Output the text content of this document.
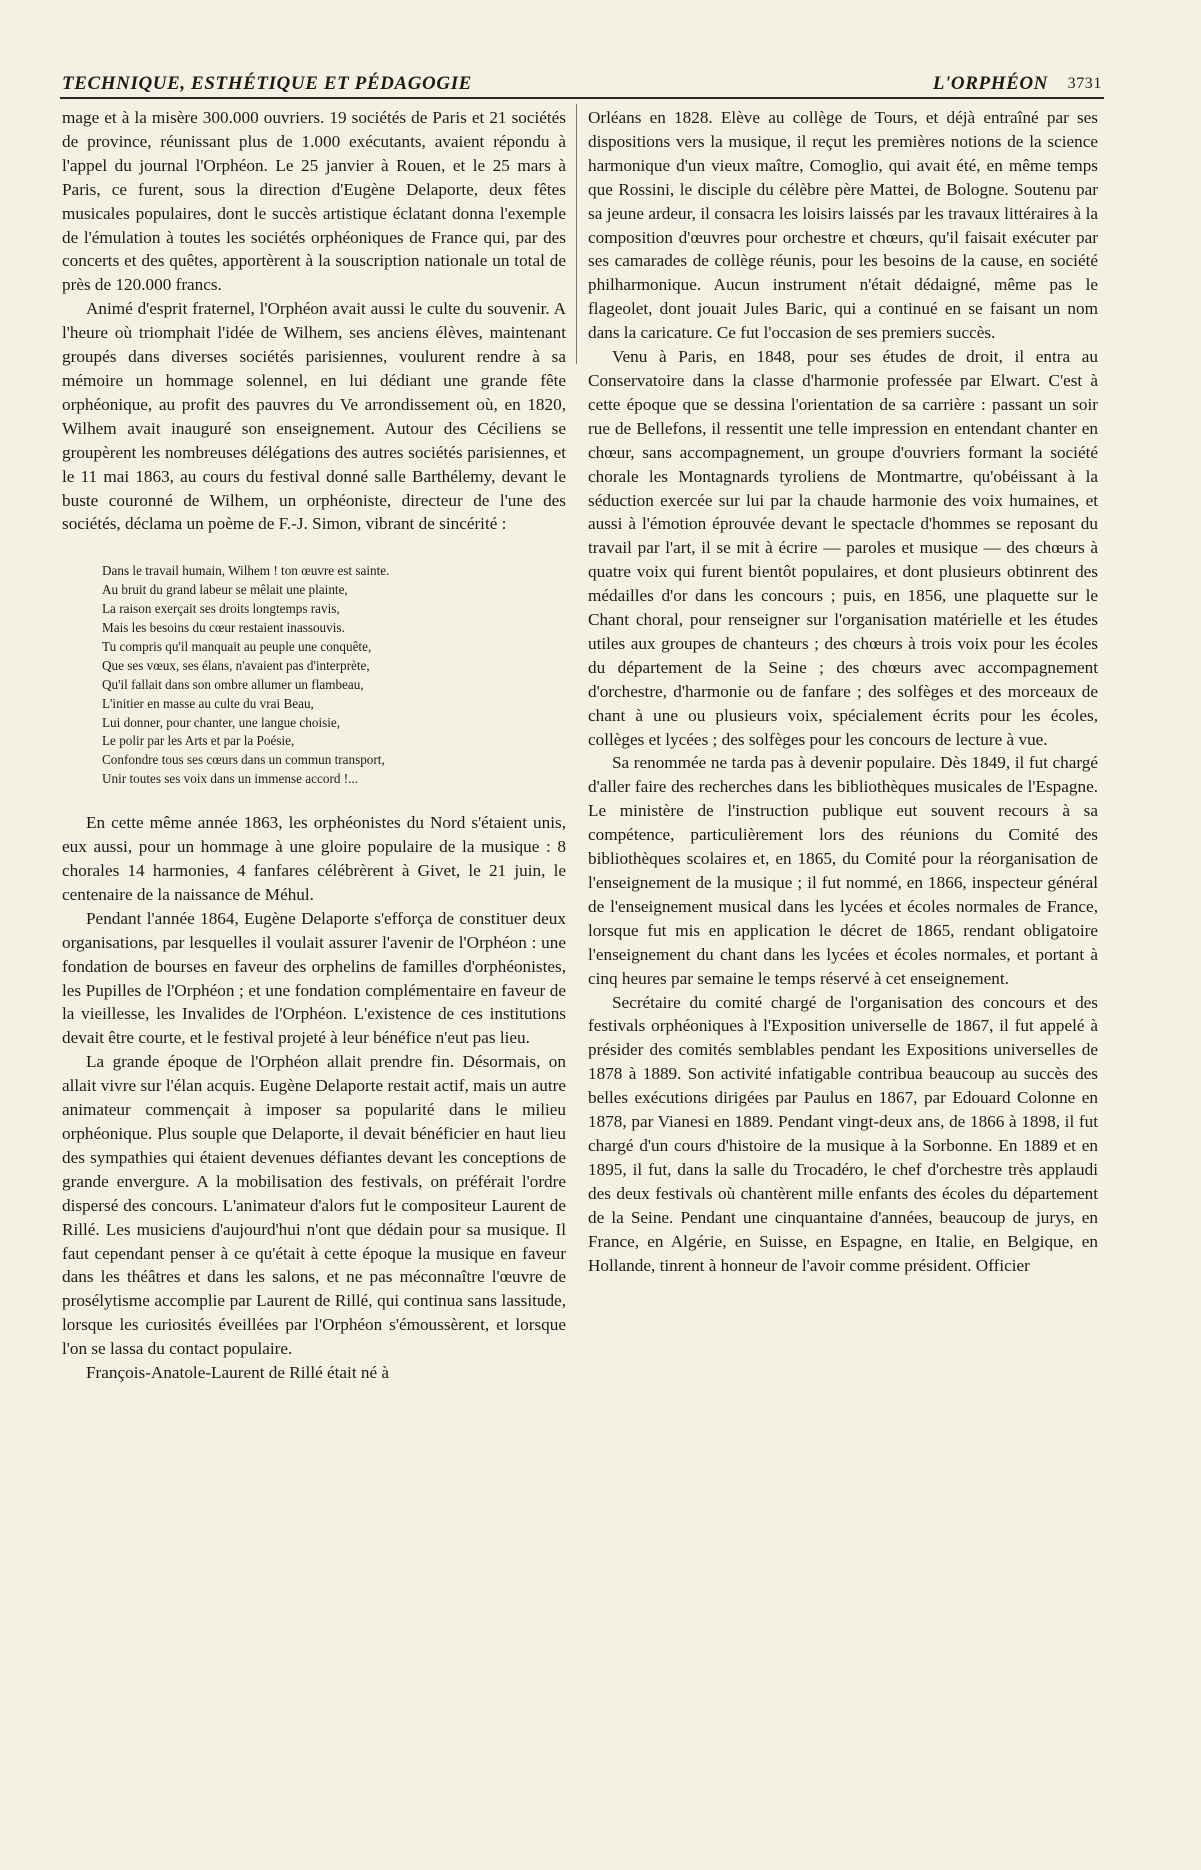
TECHNIQUE, ESTHÉTIQUE ET PÉDAGOGIE	L'ORPHÉON 3731

mage et à la misère 300.000 ouvriers. 19 sociétés de Paris et 21 sociétés de province, réunissant plus de 1.000 exécutants, avaient répondu à l'appel du journal l'Orphéon. Le 25 janvier à Rouen, et le 25 mars à Paris, ce furent, sous la direction d'Eugène Delaporte, deux fêtes musicales populaires, dont le succès artistique éclatant donna l'exemple de l'émulation à toutes les sociétés orphéoniques de France qui, par des concerts et des quêtes, apportèrent à la souscription nationale un total de près de 120.000 francs.

Animé d'esprit fraternel, l'Orphéon avait aussi le culte du souvenir. A l'heure où triomphait l'idée de Wilhem, ses anciens élèves, maintenant groupés dans diverses sociétés parisiennes, voulurent rendre à sa mémoire un hommage solennel, en lui dédiant une grande fête orphéonique, au profit des pauvres du Ve arrondissement où, en 1820, Wilhem avait inauguré son enseignement. Autour des Céciliens se groupèrent les nombreuses délégations des autres sociétés parisiennes, et le 11 mai 1863, au cours du festival donné salle Barthélemy, devant le buste couronné de Wilhem, un orphéoniste, directeur de l'une des sociétés, déclama un poème de F.-J. Simon, vibrant de sincérité :

Dans le travail humain, Wilhem ! ton œuvre est sainte.
Au bruit du grand labeur se mêlait une plainte,
La raison exerçait ses droits longtemps ravis,
Mais les besoins du cœur restaient inassouvis.
Tu compris qu'il manquait au peuple une conquête,
Que ses vœux, ses élans, n'avaient pas d'interprète,
Qu'il fallait dans son ombre allumer un flambeau,
L'initier en masse au culte du vrai Beau,
Lui donner, pour chanter, une langue choisie,
Le polir par les Arts et par la Poésie,
Confondre tous ses cœurs dans un commun transport,
Unir toutes ses voix dans un immense accord !...

En cette même année 1863, les orphéonistes du Nord s'étaient unis, eux aussi, pour un hommage à une gloire populaire de la musique : 8 chorales 14 harmonies, 4 fanfares célébrèrent à Givet, le 21 juin, le centenaire de la naissance de Méhul.

Pendant l'année 1864, Eugène Delaporte s'efforça de constituer deux organisations, par lesquelles il voulait assurer l'avenir de l'Orphéon : une fondation de bourses en faveur des orphelins de familles d'orphéonistes, les Pupilles de l'Orphéon ; et une fondation complémentaire en faveur de la vieillesse, les Invalides de l'Orphéon. L'existence de ces institutions devait être courte, et le festival projeté à leur bénéfice n'eut pas lieu.

La grande époque de l'Orphéon allait prendre fin. Désormais, on allait vivre sur l'élan acquis. Eugène Delaporte restait actif, mais un autre animateur commençait à imposer sa popularité dans le milieu orphéonique. Plus souple que Delaporte, il devait bénéficier en haut lieu des sympathies qui étaient devenues défiantes devant les conceptions de grande envergure. A la mobilisation des festivals, on préférait l'ordre dispersé des concours. L'animateur d'alors fut le compositeur Laurent de Rillé. Les musiciens d'aujourd'hui n'ont que dédain pour sa musique. Il faut cependant penser à ce qu'était à cette époque la musique en faveur dans les théâtres et dans les salons, et ne pas méconnaître l'œuvre de prosélytisme accomplie par Laurent de Rillé, qui continua sans lassitude, lorsque les curiosités éveillées par l'Orphéon s'émoussèrent, et lorsque l'on se lassa du contact populaire.

François-Anatole-Laurent de Rillé était né à

Orléans en 1828. Elève au collège de Tours, et déjà entraîné par ses dispositions vers la musique, il reçut les premières notions de la science harmonique d'un vieux maître, Comoglio, qui avait été, en même temps que Rossini, le disciple du célèbre père Mattei, de Bologne. Soutenu par sa jeune ardeur, il consacra les loisirs laissés par les travaux littéraires à la composition d'œuvres pour orchestre et chœurs, qu'il faisait exécuter par ses camarades de collège réunis, pour les besoins de la cause, en société philharmonique. Aucun instrument n'était dédaigné, même pas le flageolet, dont jouait Jules Baric, qui a continué en se faisant un nom dans la caricature. Ce fut l'occasion de ses premiers succès.

Venu à Paris, en 1848, pour ses études de droit, il entra au Conservatoire dans la classe d'harmonie professée par Elwart. C'est à cette époque que se dessina l'orientation de sa carrière : passant un soir rue de Bellefons, il ressentit une telle impression en entendant chanter en chœur, sans accompagnement, un groupe d'ouvriers formant la société chorale les Montagnards tyroliens de Montmartre, qu'obéissant à la séduction exercée sur lui par la chaude harmonie des voix humaines, et aussi à l'émotion éprouvée devant le spectacle d'hommes se reposant du travail par l'art, il se mit à écrire — paroles et musique — des chœurs à quatre voix qui furent bientôt populaires, et dont plusieurs obtinrent des médailles d'or dans les concours ; puis, en 1856, une plaquette sur le Chant choral, pour renseigner sur l'organisation matérielle et les études utiles aux groupes de chanteurs ; des chœurs à trois voix pour les écoles du département de la Seine ; des chœurs avec accompagnement d'orchestre, d'harmonie ou de fanfare ; des solfèges et des morceaux de chant à une ou plusieurs voix, spécialement écrits pour les écoles, collèges et lycées ; des solfèges pour les concours de lecture à vue.

Sa renommée ne tarda pas à devenir populaire. Dès 1849, il fut chargé d'aller faire des recherches dans les bibliothèques musicales de l'Espagne. Le ministère de l'instruction publique eut souvent recours à sa compétence, particulièrement lors des réunions du Comité des bibliothèques scolaires et, en 1865, du Comité pour la réorganisation de l'enseignement de la musique ; il fut nommé, en 1866, inspecteur général de l'enseignement musical dans les lycées et écoles normales de France, lorsque fut mis en application le décret de 1865, rendant obligatoire l'enseignement du chant dans les lycées et écoles normales, et portant à cinq heures par semaine le temps réservé à cet enseignement.

Secrétaire du comité chargé de l'organisation des concours et des festivals orphéoniques à l'Exposition universelle de 1867, il fut appelé à présider des comités semblables pendant les Expositions universelles de 1878 à 1889. Son activité infatigable contribua beaucoup au succès des belles exécutions dirigées par Paulus en 1867, par Edouard Colonne en 1878, par Vianesi en 1889. Pendant vingt-deux ans, de 1866 à 1898, il fut chargé d'un cours d'histoire de la musique à la Sorbonne. En 1889 et en 1895, il fut, dans la salle du Trocadéro, le chef d'orchestre très applaudi des deux festivals où chantèrent mille enfants des écoles du département de la Seine. Pendant une cinquantaine d'années, beaucoup de jurys, en France, en Algérie, en Suisse, en Espagne, en Italie, en Belgique, en Hollande, tinrent à honneur de l'avoir comme président. Officier
